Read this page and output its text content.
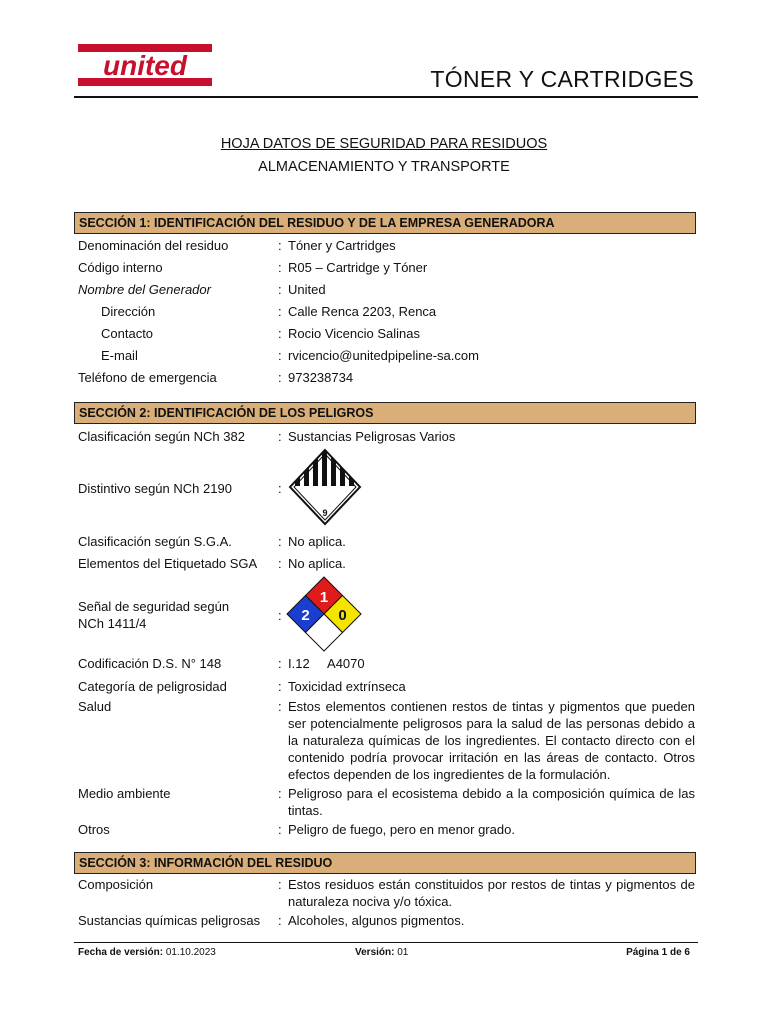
united	TÓNER Y CARTRIDGES
HOJA DATOS DE SEGURIDAD PARA RESIDUOS
ALMACENAMIENTO Y TRANSPORTE
SECCIÓN 1: IDENTIFICACIÓN DEL RESIDUO Y DE LA EMPRESA GENERADORA
Denominación del residuo	: Tóner y Cartridges
Código interno	: R05 – Cartridge y Tóner
Nombre del Generador	: United
Dirección	: Calle Renca 2203, Renca
Contacto	: Rocio Vicencio Salinas
E-mail	: rvicencio@unitedpipeline-sa.com
Teléfono de emergencia	: 973238734
SECCIÓN 2: IDENTIFICACIÓN DE LOS PELIGROS
Clasificación según NCh 382	: Sustancias Peligrosas Varios
Distintivo según NCh 2190	:
9
Clasificación según S.G.A.	: No aplica.
Elementos del Etiquetado SGA : No aplica.
Señal de seguridad según NCh 1411/4
:
1
2 0
Codificación D.S. N° 148	: I.12     A4070
Categoría de peligrosidad	: Toxicidad extrínseca
Salud	: Estos elementos contienen restos de tintas y pigmentos que pueden ser potencialmente peligrosos para la salud de las personas debido a la naturaleza químicas de los ingredientes. El contacto directo con el contenido podría provocar irritación en las áreas de contacto. Otros efectos dependen de los ingredientes de la formulación.
Medio ambiente	: Peligroso para el ecosistema debido a la composición química de las tintas.
Otros	: Peligro de fuego, pero en menor grado.
SECCIÓN 3: INFORMACIÓN DEL RESIDUO
Composición	: Estos residuos están constituidos por restos de tintas y pigmentos de naturaleza nociva y/o tóxica.
Sustancias químicas peligrosas : Alcoholes, algunos pigmentos.
Fecha de versión: 01.10.2023	Versión: 01	Página 1 de 6
